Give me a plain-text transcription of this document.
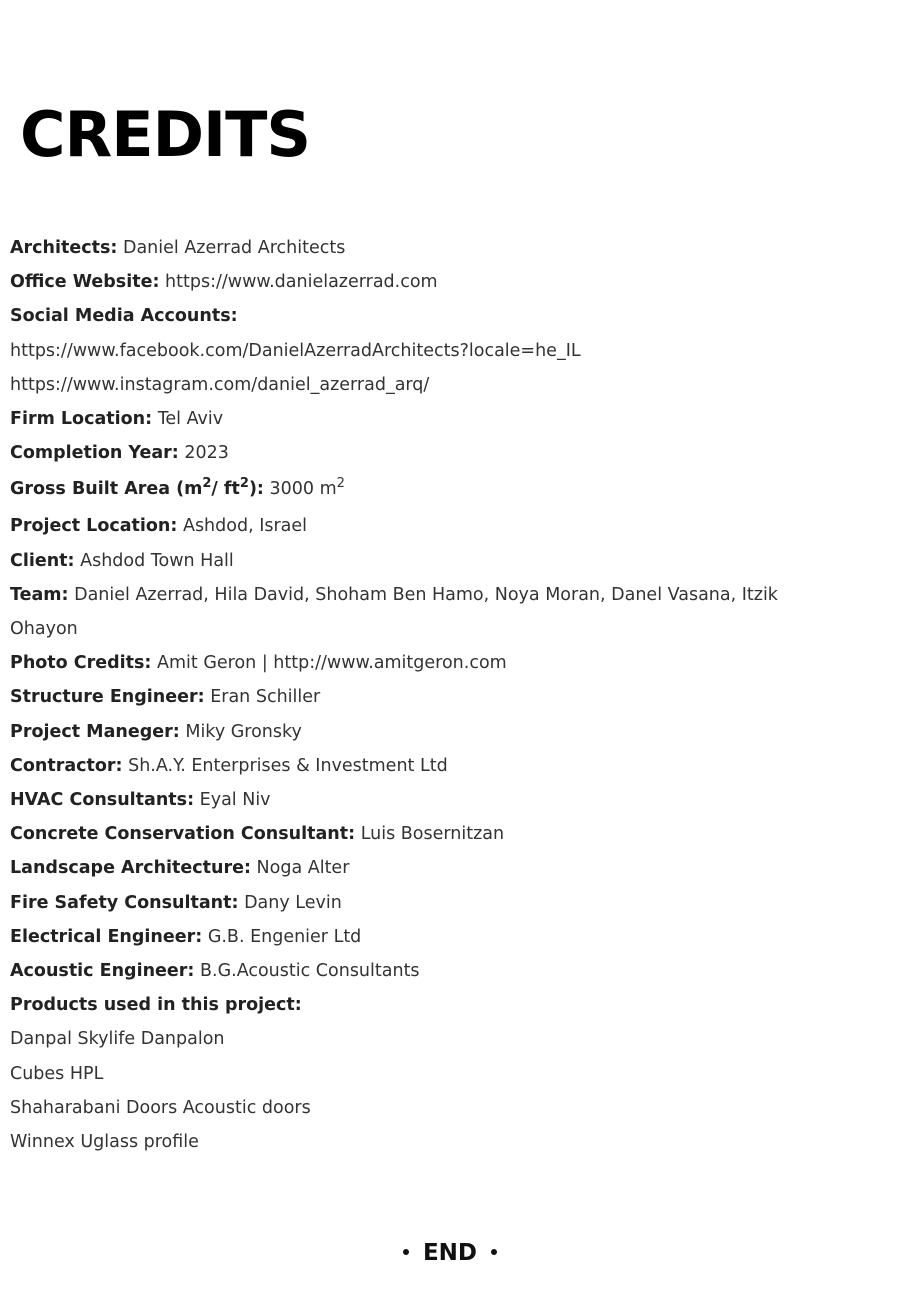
CREDITS
Architects: Daniel Azerrad Architects
Office Website: https://www.danielazerrad.com
Social Media Accounts:
https://www.facebook.com/DanielAzerradArchitects?locale=he_IL
https://www.instagram.com/daniel_azerrad_arq/
Firm Location: Tel Aviv
Completion Year: 2023
Gross Built Area ($m^2/$ $ft^2$): 3000 $m^2$
Project Location: Ashdod, Israel
Client: Ashdod Town Hall
Team: Daniel Azerrad, Hila David, Shoham Ben Hamo, Noya Moran, Danel Vasana, Itzik Ohayon
Photo Credits: Amit Geron | http://www.amitgeron.com
Structure Engineer: Eran Schiller
Project Maneger: Miky Gronsky
Contractor: Sh.A.Y. Enterprises & Investment Ltd
HVAC Consultants: Eyal Niv
Concrete Conservation Consultant: Luis Bosernitzan
Landscape Architecture: Noga Alter
Fire Safety Consultant: Dany Levin
Electrical Engineer: G.B. Engenier Ltd
Acoustic Engineer: B.G.Acoustic Consultants
Products used in this project:
Danpal Skylife Danpalon
Cubes HPL
Shaharabani Doors Acoustic doors
Winnex Uglass profile
END
